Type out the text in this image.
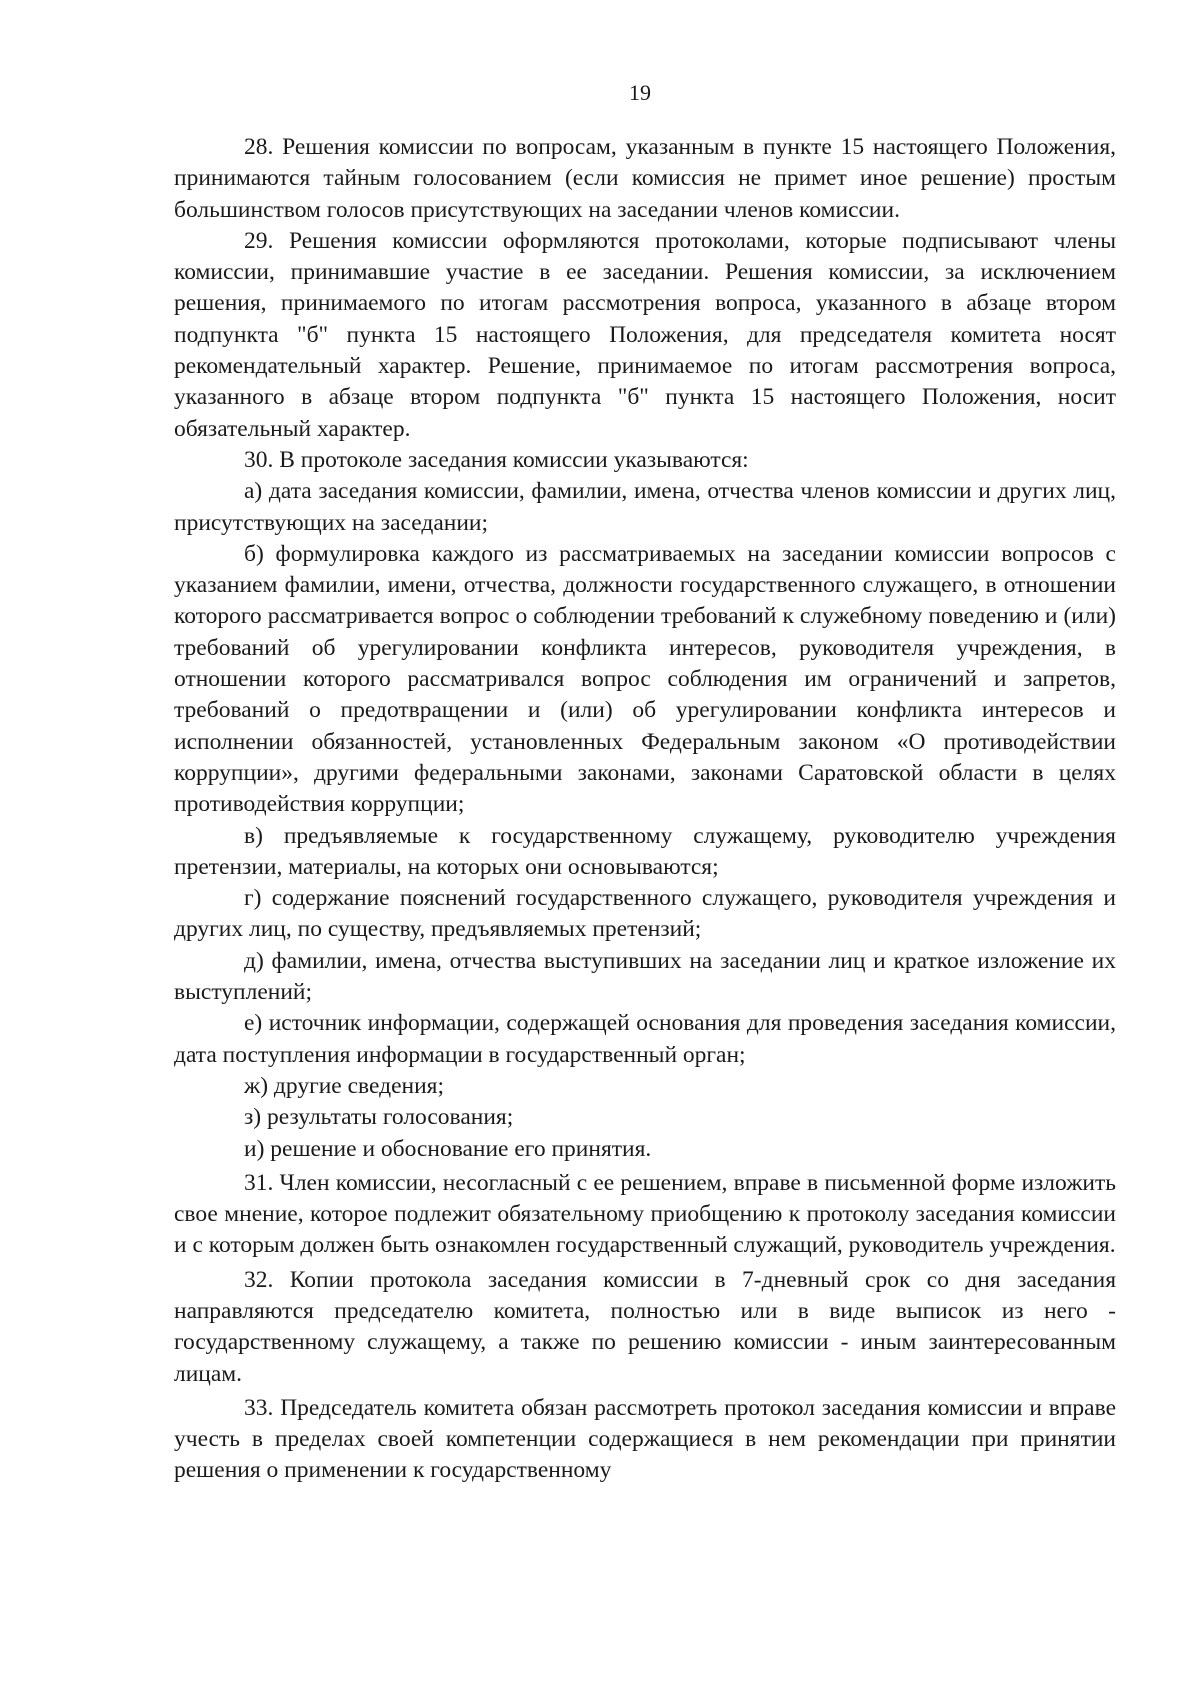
19

28. Решения комиссии по вопросам, указанным в пункте 15 настоящего Положения, принимаются тайным голосованием (если комиссия не примет иное решение) простым большинством голосов присутствующих на заседании членов комиссии.

29. Решения комиссии оформляются протоколами, которые подписывают члены комиссии, принимавшие участие в ее заседании. Решения комиссии, за исключением решения, принимаемого по итогам рассмотрения вопроса, указанного в абзаце втором подпункта "б" пункта 15 настоящего Положения, для председателя комитета носят рекомендательный характер. Решение, принимаемое по итогам рассмотрения вопроса, указанного в абзаце втором подпункта "б" пункта 15 настоящего Положения, носит обязательный характер.

30. В протоколе заседания комиссии указываются:

а) дата заседания комиссии, фамилии, имена, отчества членов комиссии и других лиц, присутствующих на заседании;

б) формулировка каждого из рассматриваемых на заседании комиссии вопросов с указанием фамилии, имени, отчества, должности государственного служащего, в отношении которого рассматривается вопрос о соблюдении требований к служебному поведению и (или) требований об урегулировании конфликта интересов, руководителя учреждения, в отношении которого рассматривался вопрос соблюдения им ограничений и запретов, требований о предотвращении и (или) об урегулировании конфликта интересов и исполнении обязанностей, установленных Федеральным законом «О противодействии коррупции», другими федеральными законами, законами Саратовской области в целях противодействия коррупции;

в) предъявляемые к государственному служащему, руководителю учреждения претензии, материалы, на которых они основываются;

г) содержание пояснений государственного служащего, руководителя учреждения и других лиц, по существу, предъявляемых претензий;

д) фамилии, имена, отчества выступивших на заседании лиц и краткое изложение их выступлений;

е) источник информации, содержащей основания для проведения заседания комиссии, дата поступления информации в государственный орган;

ж) другие сведения;

з) результаты голосования;

и) решение и обоснование его принятия.

31. Член комиссии, несогласный с ее решением, вправе в письменной форме изложить свое мнение, которое подлежит обязательному приобщению к протоколу заседания комиссии и с которым должен быть ознакомлен государственный служащий, руководитель учреждения.

32. Копии протокола заседания комиссии в 7-дневный срок со дня заседания направляются председателю комитета, полностью или в виде выписок из него - государственному служащему, а также по решению комиссии - иным заинтересованным лицам.

33. Председатель комитета обязан рассмотреть протокол заседания комиссии и вправе учесть в пределах своей компетенции содержащиеся в нем рекомендации при принятии решения о применении к государственному
